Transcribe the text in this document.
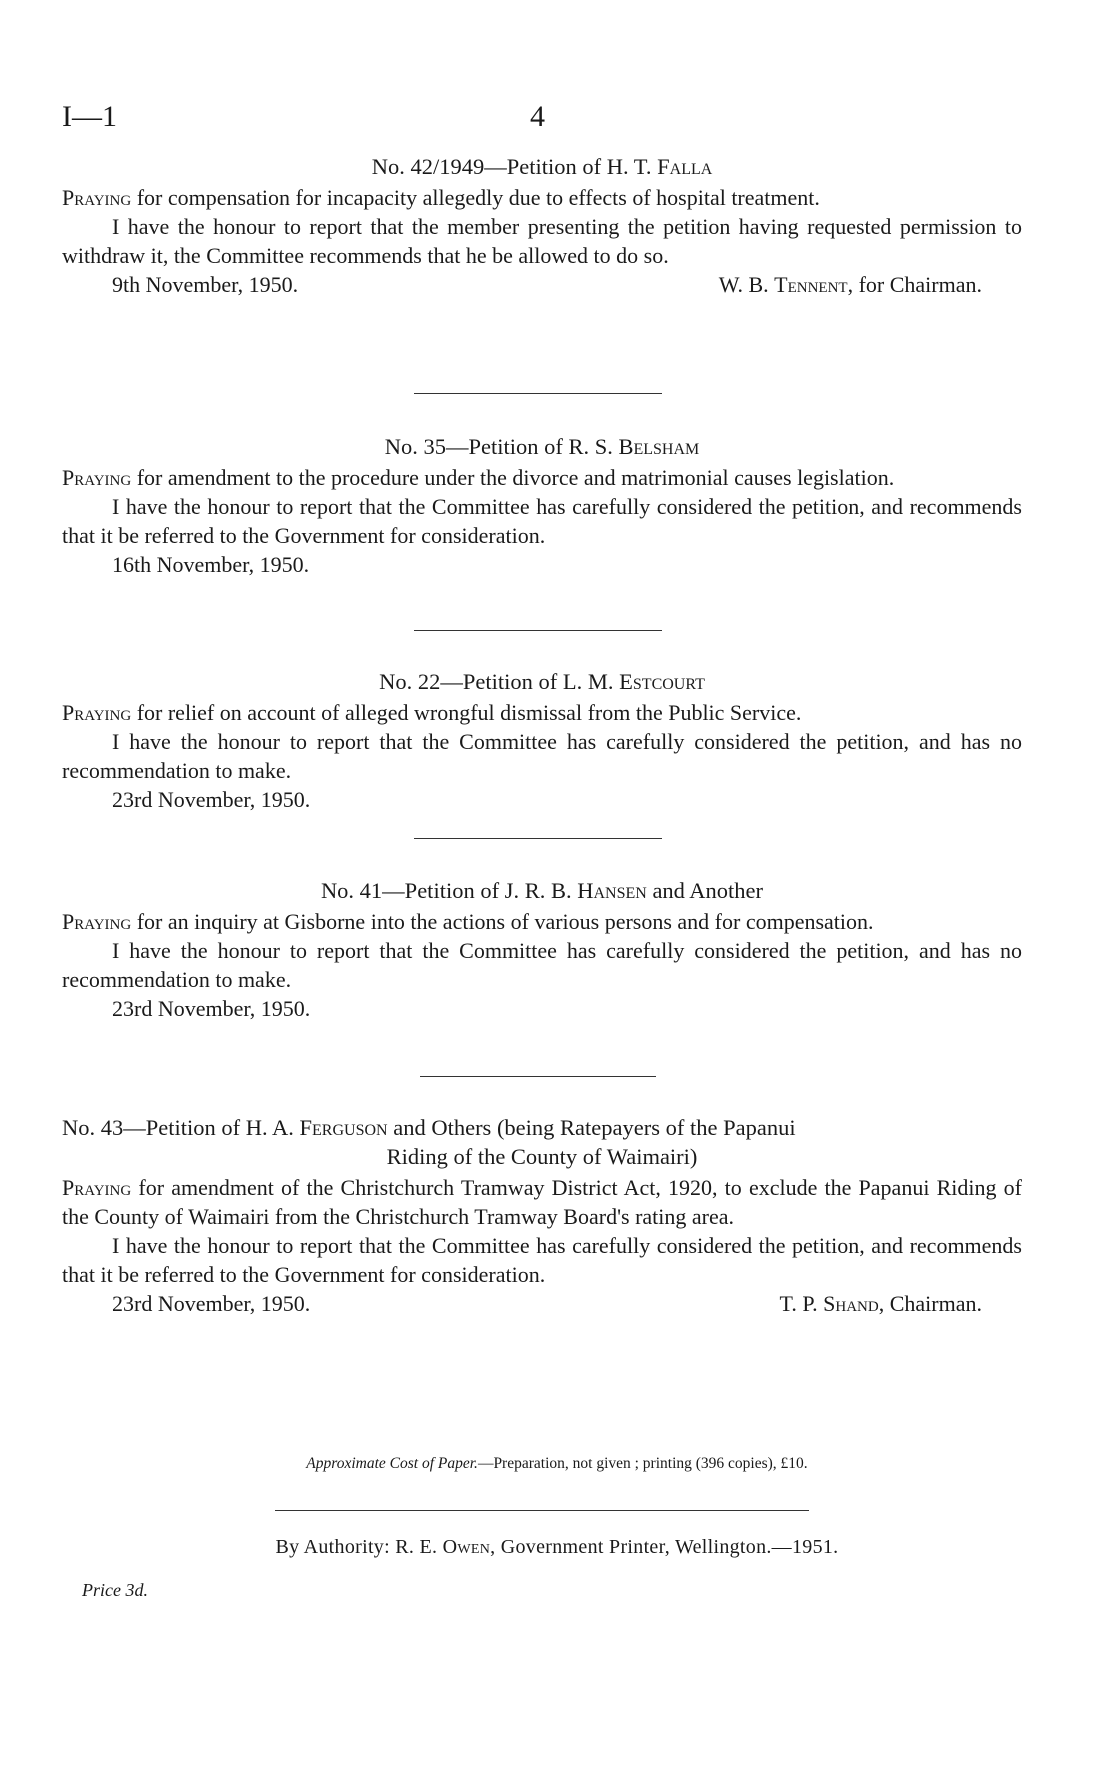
I—1	4
No. 42/1949—Petition of H. T. Falla

Praying for compensation for incapacity allegedly due to effects of hospital treatment.

I have the honour to report that the member presenting the petition having requested permission to withdraw it, the Committee recommends that he be allowed to do so.

9th November, 1950.	W. B. Tennent, for Chairman.
No. 35—Petition of R. S. Belsham

Praying for amendment to the procedure under the divorce and matrimonial causes legislation.

I have the honour to report that the Committee has carefully considered the petition, and recommends that it be referred to the Government for consideration.

16th November, 1950.
No. 22—Petition of L. M. Estcourt

Praying for relief on account of alleged wrongful dismissal from the Public Service.

I have the honour to report that the Committee has carefully considered the petition, and has no recommendation to make.

23rd November, 1950.
No. 41—Petition of J. R. B. Hansen and Another

Praying for an inquiry at Gisborne into the actions of various persons and for compensation.

I have the honour to report that the Committee has carefully considered the petition, and has no recommendation to make.

23rd November, 1950.
No. 43—Petition of H. A. Ferguson and Others (being Ratepayers of the Papanui
Riding of the County of Waimairi)

Praying for amendment of the Christchurch Tramway District Act, 1920, to exclude the Papanui Riding of the County of Waimairi from the Christchurch Tramway Board's rating area.

I have the honour to report that the Committee has carefully considered the petition, and recommends that it be referred to the Government for consideration.

23rd November, 1950.	T. P. Shand, Chairman.
Approximate Cost of Paper.—Preparation, not given ; printing (396 copies), £10.
By Authority: R. E. Owen, Government Printer, Wellington.—1951.
Price 3d.
